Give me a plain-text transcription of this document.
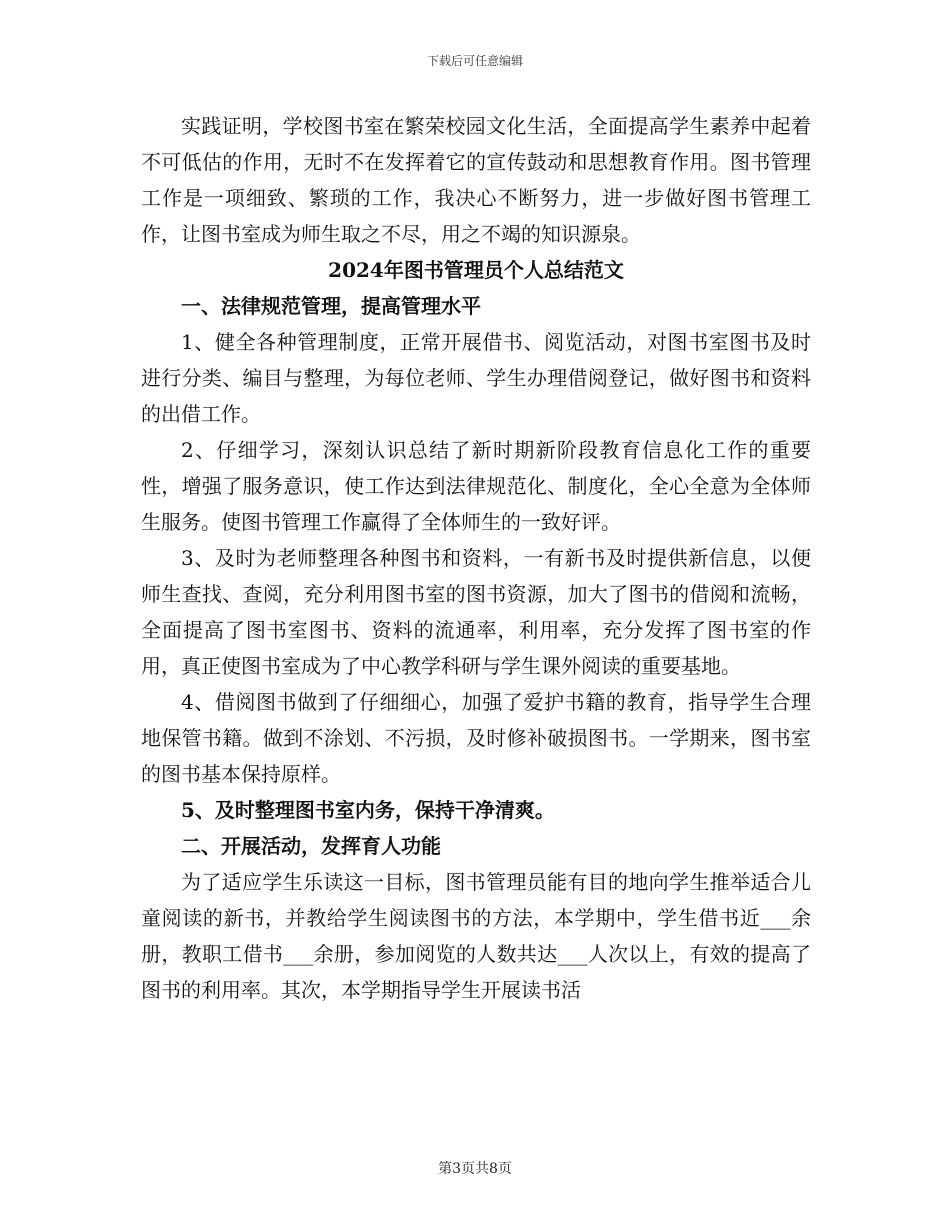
下载后可任意编辑

实践证明，学校图书室在繁荣校园文化生活，全面提高学生素养中起着不可低估的作用，无时不在发挥着它的宣传鼓动和思想教育作用。图书管理工作是一项细致、繁琐的工作，我决心不断努力，进一步做好图书管理工作，让图书室成为师生取之不尽，用之不竭的知识源泉。

2024年图书管理员个人总结范文

一、法律规范管理，提高管理水平

1、健全各种管理制度，正常开展借书、阅览活动，对图书室图书及时进行分类、编目与整理，为每位老师、学生办理借阅登记，做好图书和资料的出借工作。

2、仔细学习，深刻认识总结了新时期新阶段教育信息化工作的重要性，增强了服务意识，使工作达到法律规范化、制度化，全心全意为全体师生服务。使图书管理工作赢得了全体师生的一致好评。

3、及时为老师整理各种图书和资料，一有新书及时提供新信息，以便师生查找、查阅，充分利用图书室的图书资源，加大了图书的借阅和流畅，全面提高了图书室图书、资料的流通率，利用率，充分发挥了图书室的作用，真正使图书室成为了中心教学科研与学生课外阅读的重要基地。

4、借阅图书做到了仔细细心，加强了爱护书籍的教育，指导学生合理地保管书籍。做到不涂划、不污损，及时修补破损图书。一学期来，图书室的图书基本保持原样。

5、及时整理图书室内务，保持干净清爽。

二、开展活动，发挥育人功能

为了适应学生乐读这一目标，图书管理员能有目的地向学生推举适合儿童阅读的新书，并教给学生阅读图书的方法，本学期中，学生借书近___余册，教职工借书___余册，参加阅览的人数共达___人次以上，有效的提高了图书的利用率。其次，本学期指导学生开展读书活

第3页共8页
